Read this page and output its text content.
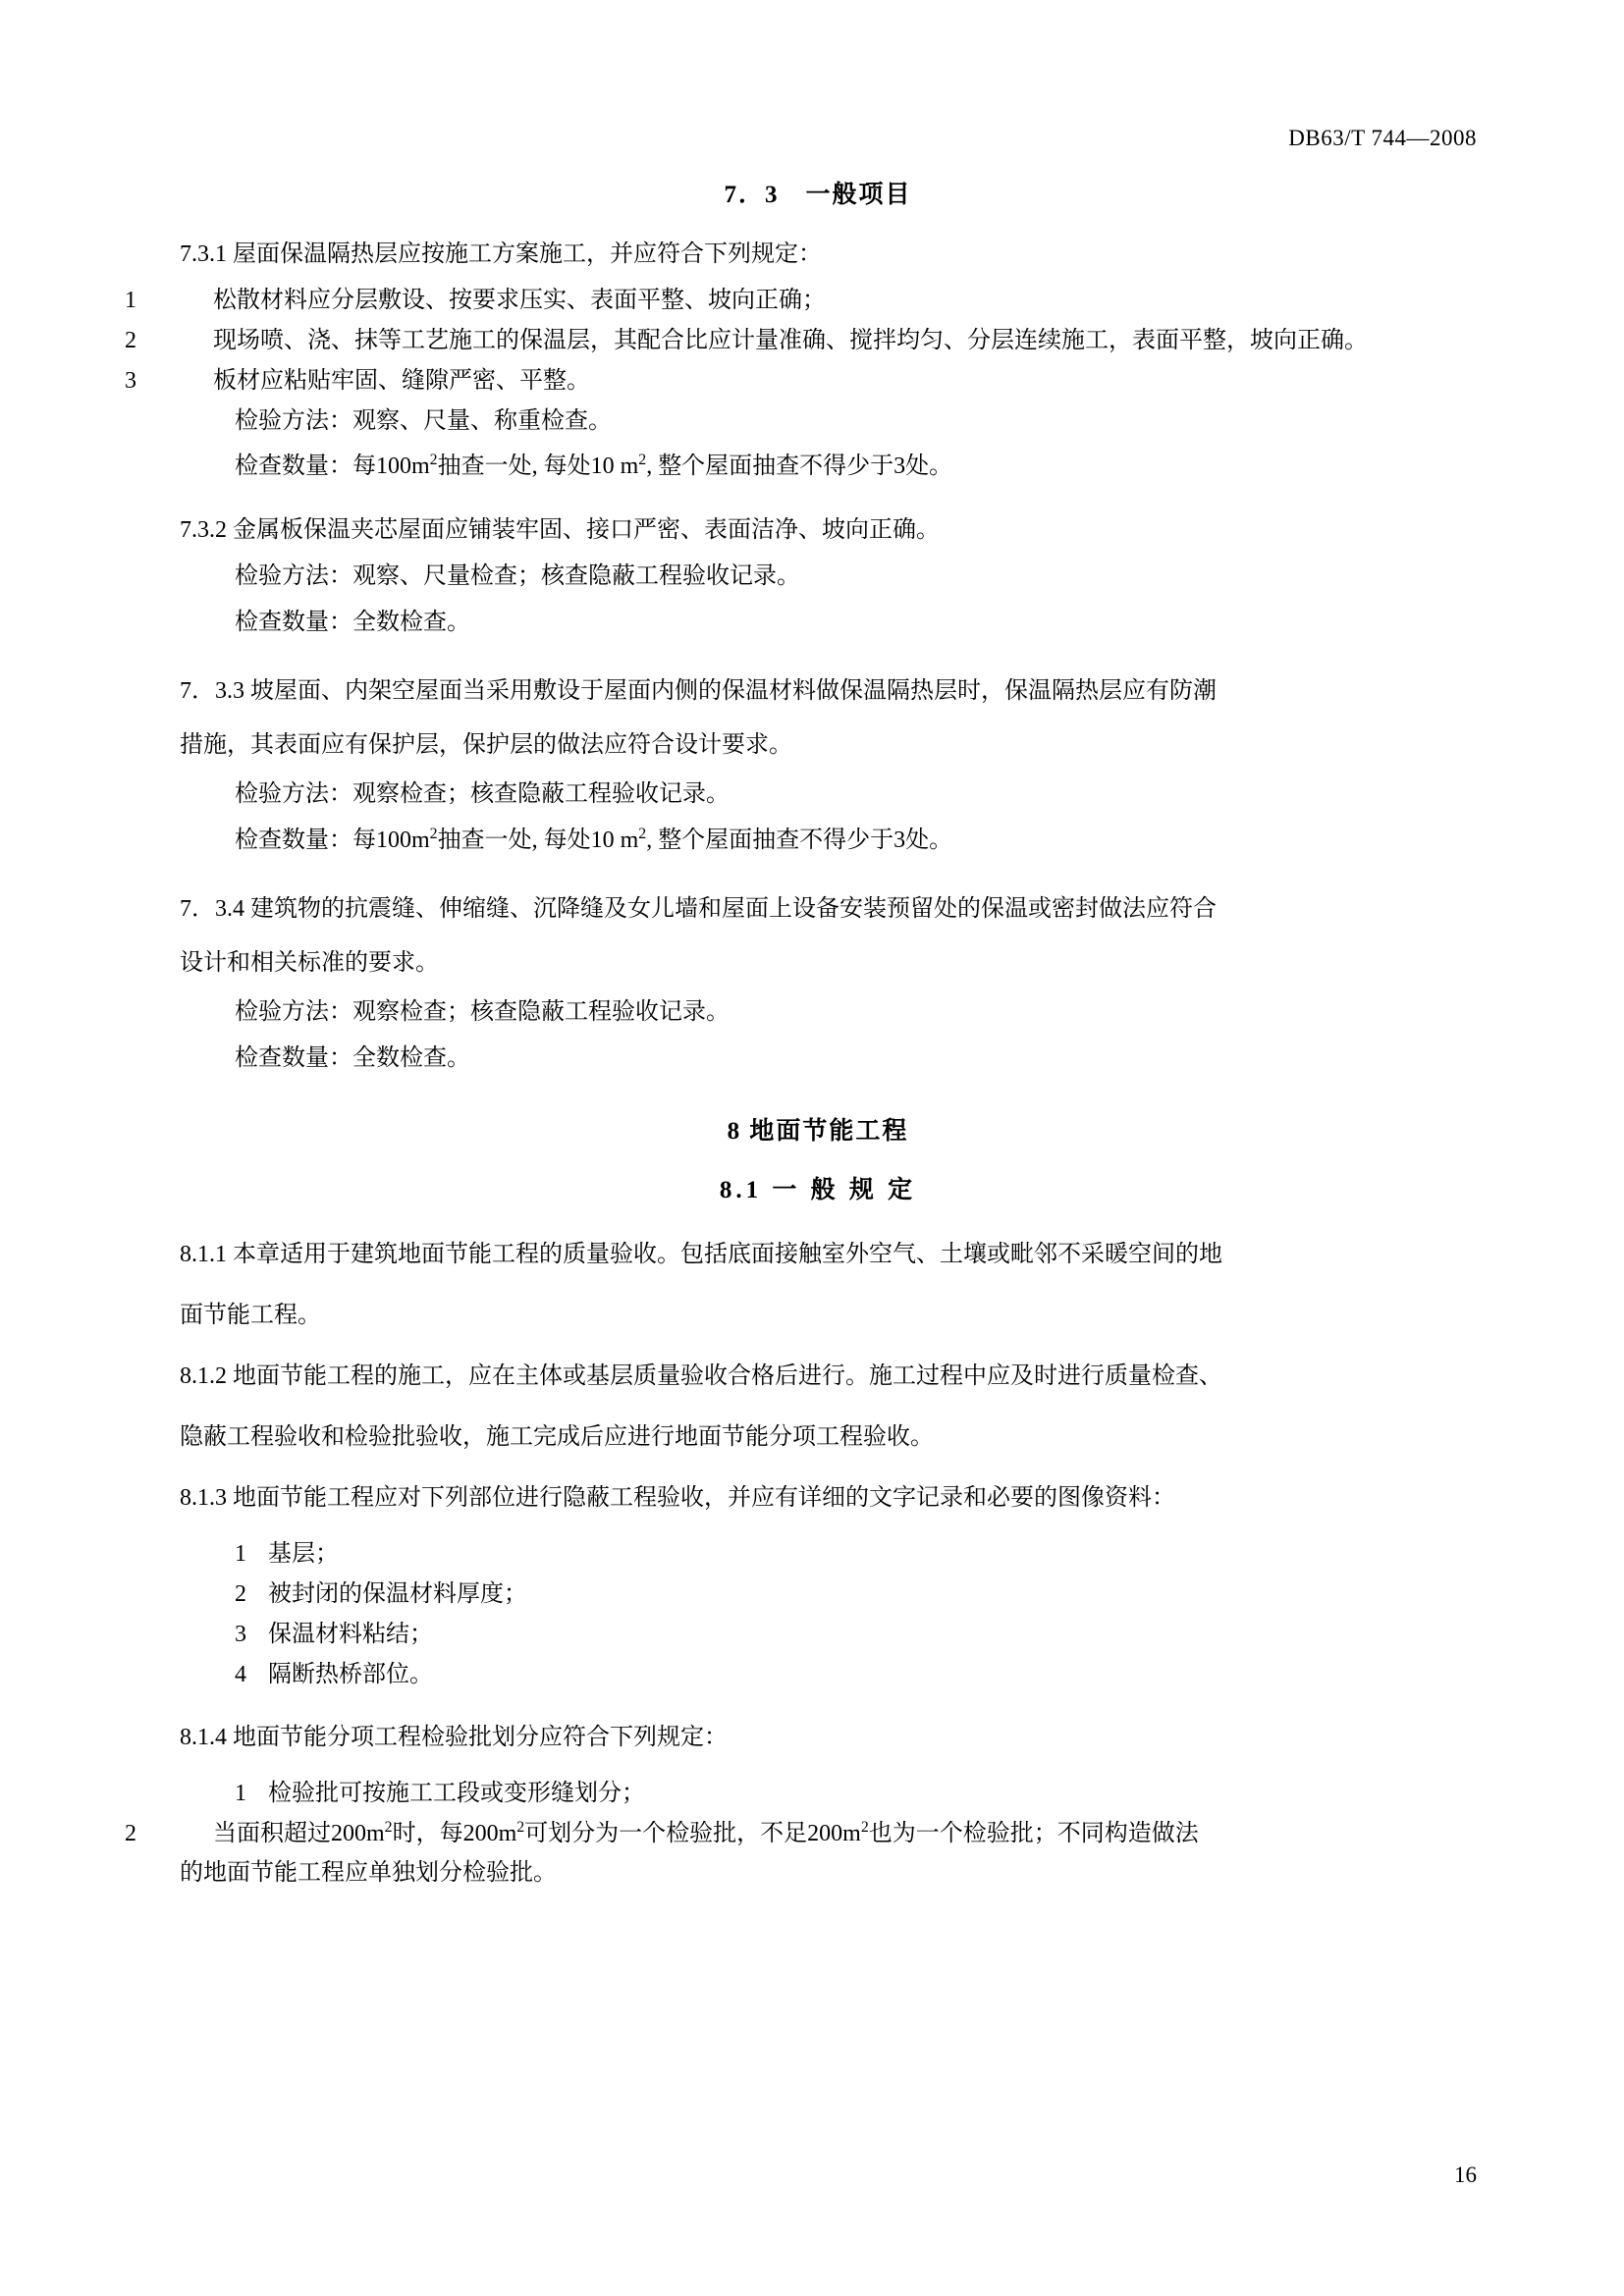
DB63/T 744—2008
7．3　一般项目
7.3.1 屋面保温隔热层应按施工方案施工，并应符合下列规定：
1	松散材料应分层敷设、按要求压实、表面平整、坡向正确；
2	现场喷、浇、抹等工艺施工的保温层，其配合比应计量准确、搅拌均匀、分层连续施工，表面平整，坡向正确。
3	板材应粘贴牢固、缝隙严密、平整。
检验方法：观察、尺量、称重检查。
检查数量：每$100m^2$抽查一处, 每处10 $m^2$, 整个屋面抽查不得少于3处。
7.3.2 金属板保温夹芯屋面应铺装牢固、接口严密、表面洁净、坡向正确。
检验方法：观察、尺量检查；核查隐蔽工程验收记录。
检查数量：全数检查。
7．3.3 坡屋面、内架空屋面当采用敷设于屋面内侧的保温材料做保温隔热层时，保温隔热层应有防潮
措施，其表面应有保护层，保护层的做法应符合设计要求。
检验方法：观察检查；核查隐蔽工程验收记录。
检查数量：每$100m^2$抽查一处, 每处10 $m^2$, 整个屋面抽查不得少于3处。
7．3.4 建筑物的抗震缝、伸缩缝、沉降缝及女儿墙和屋面上设备安装预留处的保温或密封做法应符合
设计和相关标准的要求。
检验方法：观察检查；核查隐蔽工程验收记录。
检查数量：全数检查。
8 地面节能工程
8.1 一 般 规 定
8.1.1 本章适用于建筑地面节能工程的质量验收。包括底面接触室外空气、土壤或毗邻不采暖空间的地
面节能工程。
8.1.2 地面节能工程的施工，应在主体或基层质量验收合格后进行。施工过程中应及时进行质量检查、
隐蔽工程验收和检验批验收，施工完成后应进行地面节能分项工程验收。
8.1.3 地面节能工程应对下列部位进行隐蔽工程验收，并应有详细的文字记录和必要的图像资料：
1 基层；
2 被封闭的保温材料厚度；
3 保温材料粘结；
4 隔断热桥部位。
8.1.4 地面节能分项工程检验批划分应符合下列规定：
1 检验批可按施工工段或变形缝划分；
2	当面积超过$200m^2$时，每$200m^2$可划分为一个检验批，不足$200m^2$也为一个检验批；不同构造做法
的地面节能工程应单独划分检验批。
16
